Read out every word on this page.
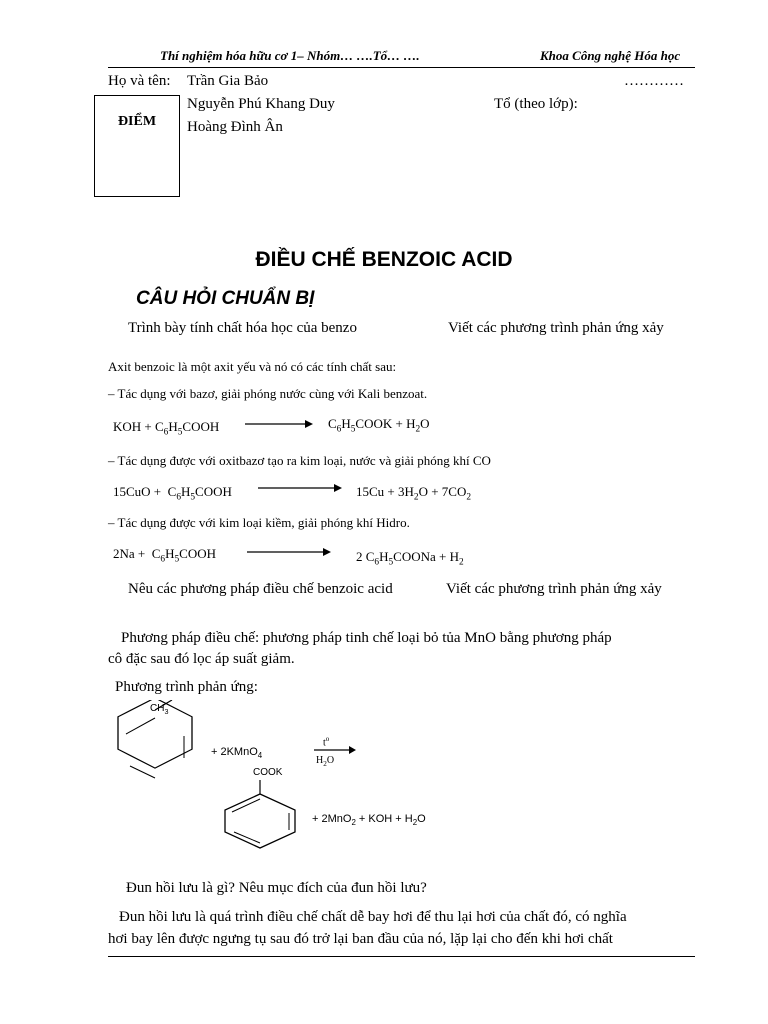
Thí nghiệm hóa hữu cơ 1– Nhóm… ….Tổ… ….	Khoa Công nghệ Hóa học
Họ và tên: Trần Gia Bảo	…………
Nguyễn Phú Khang Duy	Tổ (theo lớp):
Hoàng Đình Ân
ĐIỂM
ĐIỀU CHẾ BENZOIC ACID
CÂU HỎI CHUẨN BỊ
Trình bày tính chất hóa học của benzo	Viết các phương trình phản ứng xảy
Axit benzoic là một axit yếu và nó có các tính chất sau:
– Tác dụng với bazơ, giải phóng nước cùng với Kali benzoat.
KOH + $C_6H_5COOH$	$C_6H_5COOK + H_2O$
– Tác dụng được với oxitbazơ tạo ra kim loại, nước và giải phóng khí CO
$15CuO + C_6H_5COOH$	$15Cu + 3H_2O + 7CO_2$
– Tác dụng được với kim loại kiềm, giải phóng khí Hidro.
$2Na + C_6H_5COOH$	2 $C_6H_5COONa + H_2$
Nêu các phương pháp điều chế benzoic acid	Viết các phương trình phản ứng xảy
Phương pháp điều chế: phương pháp tinh chế loại bỏ tủa MnO bằng phương pháp
cô đặc sau đó lọc áp suất giảm.
Phương trình phản ứng:
$CH_3$
+ 2KMnO$_4$
$t^o$
$H_2O$
COOK
+ 2MnO$_2$ + KOH + $H_2O$
Đun hồi lưu là gì? Nêu mục đích của đun hồi lưu?
Đun hồi lưu là quá trình điều chế chất dễ bay hơi để thu lại hơi của chất đó, có nghĩa
hơi bay lên được ngưng tụ sau đó trở lại ban đầu của nó, lặp lại cho đến khi hơi chất
